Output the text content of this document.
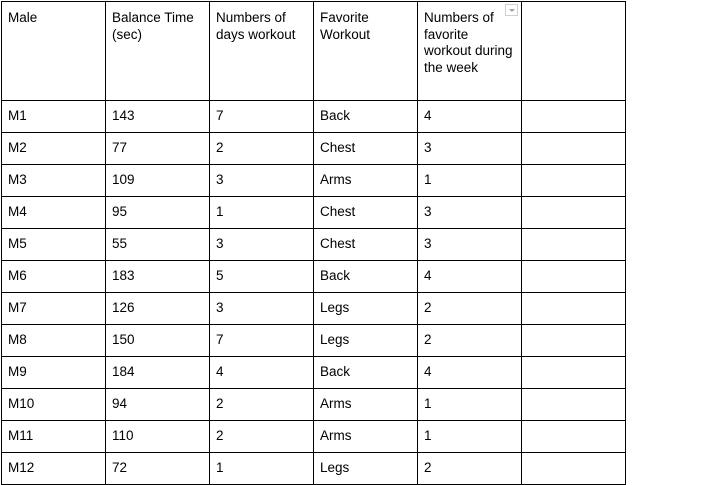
Male	Balance Time (sec)	Numbers of days workout	Favorite Workout	Numbers of favorite workout during the week	

M1	143	7	Back	4	
M2	77	2	Chest	3	
M3	109	3	Arms	1	
M4	95	1	Chest	3	
M5	55	3	Chest	3	
M6	183	5	Back	4	
M7	126	3	Legs	2	
M8	150	7	Legs	2	
M9	184	4	Back	4	
M10	94	2	Arms	1	
M11	110	2	Arms	1	
M12	72	1	Legs	2	
